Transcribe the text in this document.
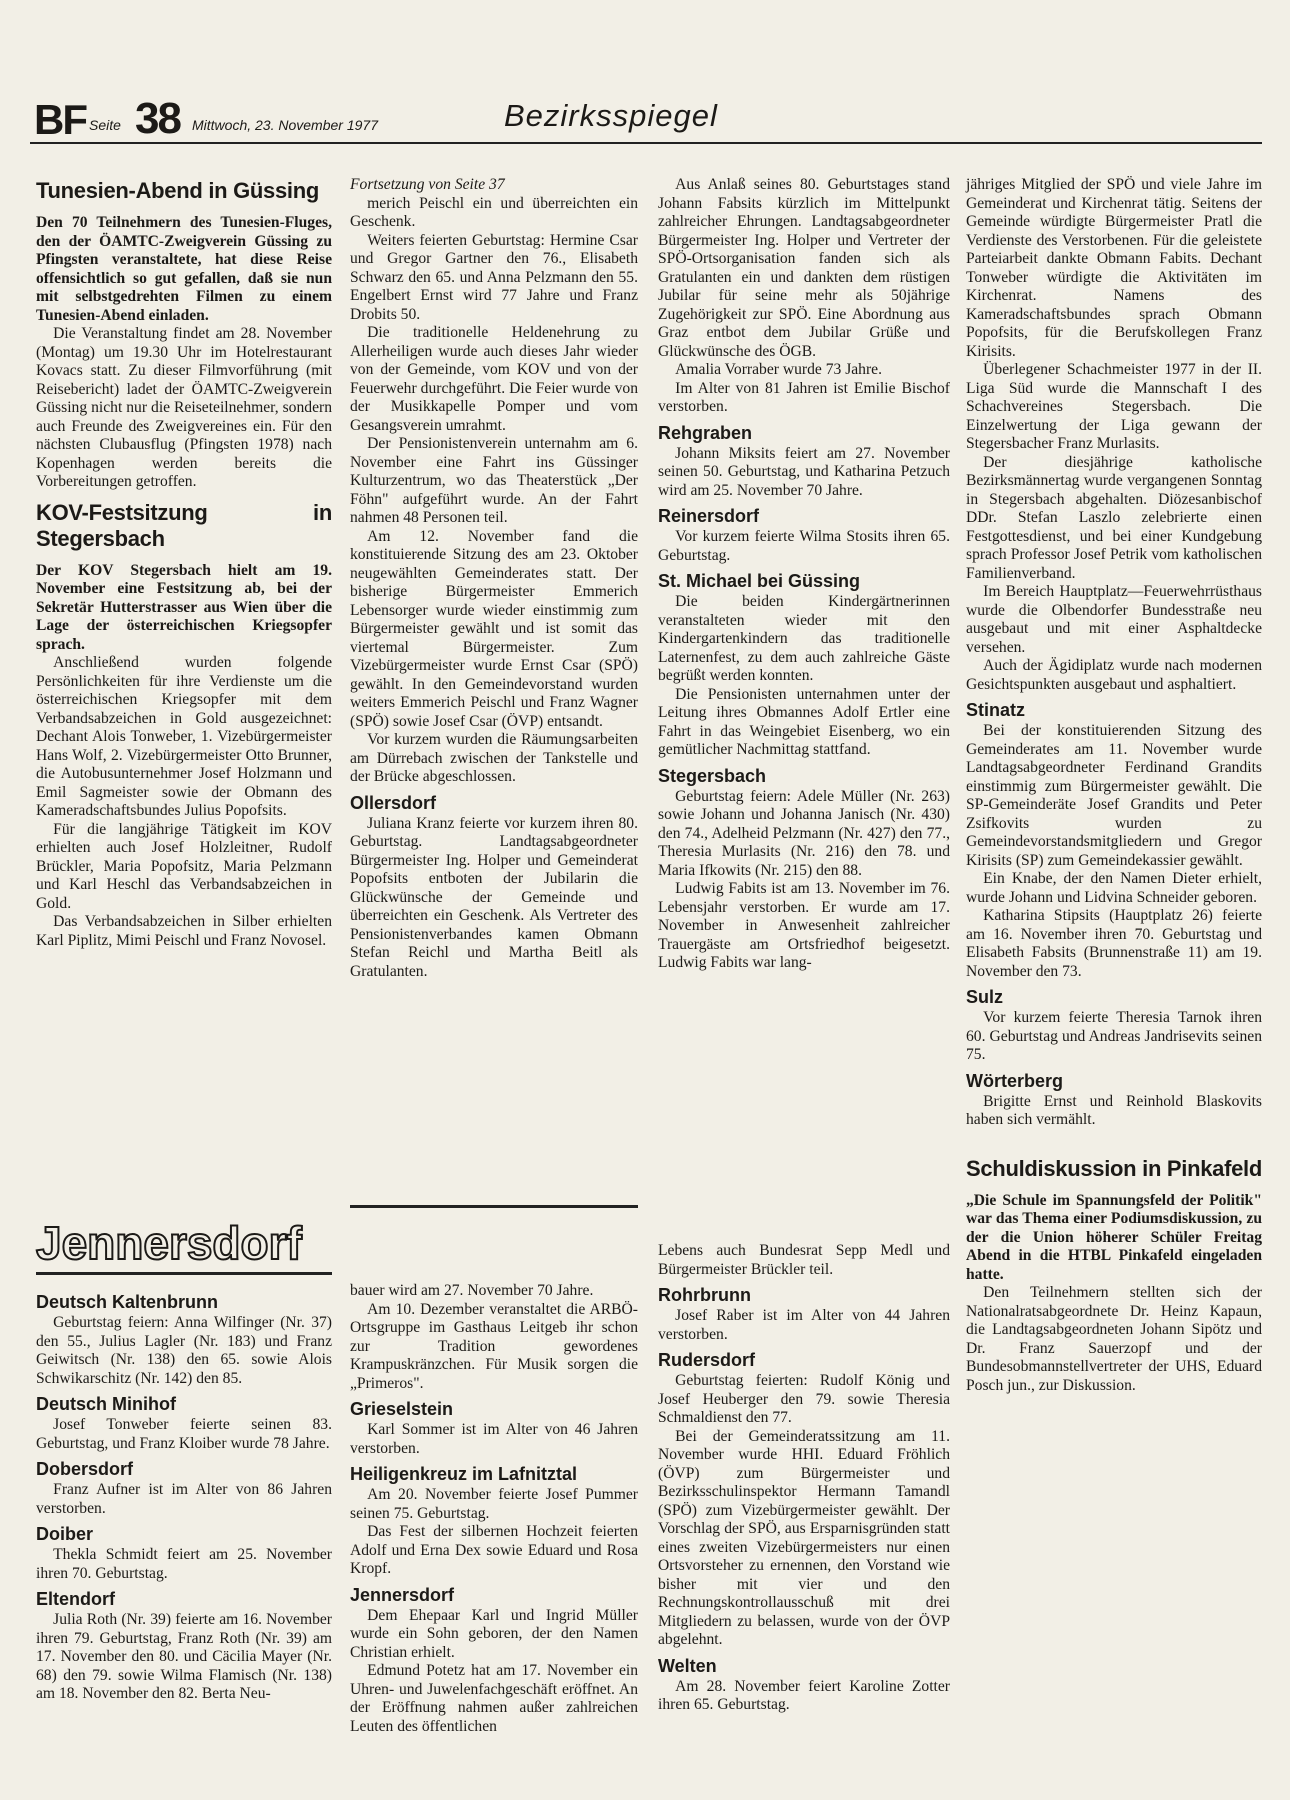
BF Seite 38 Mittwoch, 23. November 1977	Bezirksspiegel
Tunesien-Abend in Güssing

Den 70 Teilnehmern des Tunesien-Fluges, den der ÖAMTC-Zweigverein Güssing zu Pfingsten veranstaltete, hat diese Reise offensichtlich so gut gefallen, daß sie nun mit selbstgedrehten Filmen zu einem Tunesien-Abend einladen.

Die Veranstaltung findet am 28. November (Montag) um 19.30 Uhr im Hotelrestaurant Kovacs statt. Zu dieser Filmvorführung (mit Reisebericht) ladet der ÖAMTC-Zweigverein Güssing nicht nur die Reiseteilnehmer, sondern auch Freunde des Zweigvereines ein. Für den nächsten Clubausflug (Pfingsten 1978) nach Kopenhagen werden bereits die Vorbereitungen getroffen.

KOV-Festsitzung in Stegersbach

Der KOV Stegersbach hielt am 19. November eine Festsitzung ab, bei der Sekretär Hutterstrasser aus Wien über die Lage der österreichischen Kriegsopfer sprach.

Anschließend wurden folgende Persönlichkeiten für ihre Verdienste um die österreichischen Kriegsopfer mit dem Verbandsabzeichen in Gold ausgezeichnet: Dechant Alois Tonweber, 1. Vizebürgermeister Hans Wolf, 2. Vizebürgermeister Otto Brunner, die Autobusunternehmer Josef Holzmann und Emil Sagmeister sowie der Obmann des Kameradschaftsbundes Julius Popofsits.

Für die langjährige Tätigkeit im KOV erhielten auch Josef Holzleitner, Rudolf Brückler, Maria Popofsitz, Maria Pelzmann und Karl Heschl das Verbandsabzeichen in Gold.

Das Verbandsabzeichen in Silber erhielten Karl Piplitz, Mimi Peischl und Franz Novosel.

Fortsetzung von Seite 37

merich Peischl ein und überreichten ein Geschenk.

Weiters feierten Geburtstag: Hermine Csar und Gregor Gartner den 76., Elisabeth Schwarz den 65. und Anna Pelzmann den 55. Engelbert Ernst wird 77 Jahre und Franz Drobits 50.

Die traditionelle Heldenehrung zu Allerheiligen wurde auch dieses Jahr wieder von der Gemeinde, vom KOV und von der Feuerwehr durchgeführt. Die Feier wurde von der Musikkapelle Pomper und vom Gesangsverein umrahmt.

Der Pensionistenverein unternahm am 6. November eine Fahrt ins Güssinger Kulturzentrum, wo das Theaterstück „Der Föhn" aufgeführt wurde. An der Fahrt nahmen 48 Personen teil.

Am 12. November fand die konstituierende Sitzung des am 23. Oktober neugewählten Gemeinderates statt. Der bisherige Bürgermeister Emmerich Lebensorger wurde wieder einstimmig zum Bürgermeister gewählt und ist somit das viertemal Bürgermeister. Zum Vizebürgermeister wurde Ernst Csar (SPÖ) gewählt. In den Gemeindevorstand wurden weiters Emmerich Peischl und Franz Wagner (SPÖ) sowie Josef Csar (ÖVP) entsandt.

Vor kurzem wurden die Räumungsarbeiten am Dürrebach zwischen der Tankstelle und der Brücke abgeschlossen.

Ollersdorf

Juliana Kranz feierte vor kurzem ihren 80. Geburtstag. Landtagsabgeordneter Bürgermeister Ing. Holper und Gemeinderat Popofsits entboten der Jubilarin die Glückwünsche der Gemeinde und überreichten ein Geschenk. Als Vertreter des Pensionistenverbandes kamen Obmann Stefan Reichl und Martha Beitl als Gratulanten.

Aus Anlaß seines 80. Geburtstages stand Johann Fabsits kürzlich im Mittelpunkt zahlreicher Ehrungen. Landtagsabgeordneter Bürgermeister Ing. Holper und Vertreter der SPÖ-Ortsorganisation fanden sich als Gratulanten ein und dankten dem rüstigen Jubilar für seine mehr als 50jährige Zugehörigkeit zur SPÖ. Eine Abordnung aus Graz entbot dem Jubilar Grüße und Glückwünsche des ÖGB.

Amalia Vorraber wurde 73 Jahre.

Im Alter von 81 Jahren ist Emilie Bischof verstorben.

Rehgraben

Johann Miksits feiert am 27. November seinen 50. Geburtstag, und Katharina Petzuch wird am 25. November 70 Jahre.

Reinersdorf

Vor kurzem feierte Wilma Stosits ihren 65. Geburtstag.

St. Michael bei Güssing

Die beiden Kindergärtnerinnen veranstalteten wieder mit den Kindergartenkindern das traditionelle Laternenfest, zu dem auch zahlreiche Gäste begrüßt werden konnten.

Die Pensionisten unternahmen unter der Leitung ihres Obmannes Adolf Ertler eine Fahrt in das Weingebiet Eisenberg, wo ein gemütlicher Nachmittag stattfand.

Stegersbach

Geburtstag feiern: Adele Müller (Nr. 263) sowie Johann und Johanna Janisch (Nr. 430) den 74., Adelheid Pelzmann (Nr. 427) den 77., Theresia Murlasits (Nr. 216) den 78. und Maria Ifkowits (Nr. 215) den 88.

Ludwig Fabits ist am 13. November im 76. Lebensjahr verstorben. Er wurde am 17. November in Anwesenheit zahlreicher Trauergäste am Ortsfriedhof beigesetzt. Ludwig Fabits war lang-

jähriges Mitglied der SPÖ und viele Jahre im Gemeinderat und Kirchenrat tätig. Seitens der Gemeinde würdigte Bürgermeister Pratl die Verdienste des Verstorbenen. Für die geleistete Parteiarbeit dankte Obmann Fabits. Dechant Tonweber würdigte die Aktivitäten im Kirchenrat. Namens des Kameradschaftsbundes sprach Obmann Popofsits, für die Berufskollegen Franz Kirisits.

Überlegener Schachmeister 1977 in der II. Liga Süd wurde die Mannschaft I des Schachvereines Stegersbach. Die Einzelwertung der Liga gewann der Stegersbacher Franz Murlasits.

Der diesjährige katholische Bezirksmännertag wurde vergangenen Sonntag in Stegersbach abgehalten. Diözesanbischof DDr. Stefan Laszlo zelebrierte einen Festgottesdienst, und bei einer Kundgebung sprach Professor Josef Petrik vom katholischen Familienverband.

Im Bereich Hauptplatz—Feuerwehrrüsthaus wurde die Olbendorfer Bundesstraße neu ausgebaut und mit einer Asphaltdecke versehen.

Auch der Ägidiplatz wurde nach modernen Gesichtspunkten ausgebaut und asphaltiert.

Stinatz

Bei der konstituierenden Sitzung des Gemeinderates am 11. November wurde Landtagsabgeordneter Ferdinand Grandits einstimmig zum Bürgermeister gewählt. Die SP-Gemeinderäte Josef Grandits und Peter Zsifkovits wurden zu Gemeindevorstandsmitgliedern und Gregor Kirisits (SP) zum Gemeindekassier gewählt.

Ein Knabe, der den Namen Dieter erhielt, wurde Johann und Lidvina Schneider geboren.

Katharina Stipsits (Hauptplatz 26) feierte am 16. November ihren 70. Geburtstag und Elisabeth Fabsits (Brunnenstraße 11) am 19. November den 73.

Sulz

Vor kurzem feierte Theresia Tarnok ihren 60. Geburtstag und Andreas Jandrisevits seinen 75.

Wörterberg

Brigitte Ernst und Reinhold Blaskovits haben sich vermählt.

Schuldiskussion in Pinkafeld

„Die Schule im Spannungsfeld der Politik" war das Thema einer Podiumsdiskussion, zu der die Union höherer Schüler Freitag Abend in die HTBL Pinkafeld eingeladen hatte.

Den Teilnehmern stellten sich der Nationalratsabgeordnete Dr. Heinz Kapaun, die Landtagsabgeordneten Johann Sipötz und Dr. Franz Sauerzopf und der Bundesobmannstellvertreter der UHS, Eduard Posch jun., zur Diskussion.

Jennersdorf
Deutsch Kaltenbrunn

Geburtstag feiern: Anna Wilfinger (Nr. 37) den 55., Julius Lagler (Nr. 183) und Franz Geiwitsch (Nr. 138) den 65. sowie Alois Schwikarschitz (Nr. 142) den 85.

Deutsch Minihof

Josef Tonweber feierte seinen 83. Geburtstag, und Franz Kloiber wurde 78 Jahre.

Dobersdorf

Franz Aufner ist im Alter von 86 Jahren verstorben.

Doiber

Thekla Schmidt feiert am 25. November ihren 70. Geburtstag.

Eltendorf

Julia Roth (Nr. 39) feierte am 16. November ihren 79. Geburtstag, Franz Roth (Nr. 39) am 17. November den 80. und Cäcilia Mayer (Nr. 68) den 79. sowie Wilma Flamisch (Nr. 138) am 18. November den 82. Berta Neu-

bauer wird am 27. November 70 Jahre.

Am 10. Dezember veranstaltet die ARBÖ-Ortsgruppe im Gasthaus Leitgeb ihr schon zur Tradition gewordenes Krampuskränzchen. Für Musik sorgen die „Primeros".

Grieselstein

Karl Sommer ist im Alter von 46 Jahren verstorben.

Heiligenkreuz im Lafnitztal

Am 20. November feierte Josef Pummer seinen 75. Geburtstag.

Das Fest der silbernen Hochzeit feierten Adolf und Erna Dex sowie Eduard und Rosa Kropf.

Jennersdorf

Dem Ehepaar Karl und Ingrid Müller wurde ein Sohn geboren, der den Namen Christian erhielt.

Edmund Potetz hat am 17. November ein Uhren- und Juwelenfachgeschäft eröffnet. An der Eröffnung nahmen außer zahlreichen Leuten des öffentlichen

Lebens auch Bundesrat Sepp Medl und Bürgermeister Brückler teil.

Rohrbrunn

Josef Raber ist im Alter von 44 Jahren verstorben.

Rudersdorf

Geburtstag feierten: Rudolf König und Josef Heuberger den 79. sowie Theresia Schmaldienst den 77.

Bei der Gemeinderatssitzung am 11. November wurde HHI. Eduard Fröhlich (ÖVP) zum Bürgermeister und Bezirksschulinspektor Hermann Tamandl (SPÖ) zum Vizebürgermeister gewählt. Der Vorschlag der SPÖ, aus Ersparnisgründen statt eines zweiten Vizebürgermeisters nur einen Ortsvorsteher zu ernennen, den Vorstand wie bisher mit vier und den Rechnungskontrollausschuß mit drei Mitgliedern zu belassen, wurde von der ÖVP abgelehnt.

Welten

Am 28. November feiert Karoline Zotter ihren 65. Geburtstag.
